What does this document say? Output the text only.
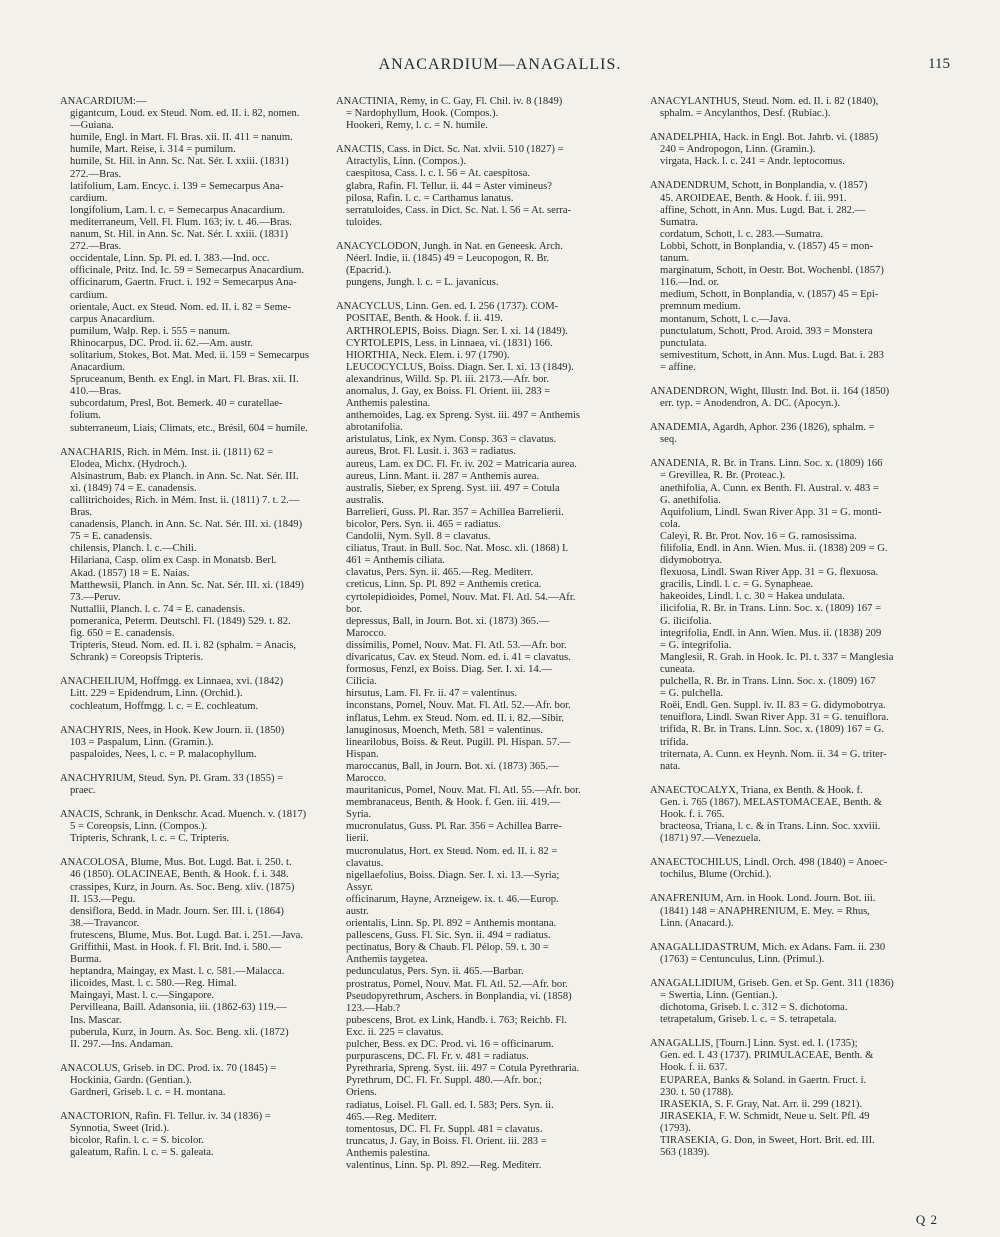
ANACARDIUM—ANAGALLIS.	115
ANACARDIUM:—
gigantcum, Loud. ex Steud. Nom. ed. II. i. 82, nomen.
—Guiana.
humile, Engl. in Mart. Fl. Bras. xii. II. 411 = nanum.
humile, Mart. Reise, i. 314 = pumilum.
humile, St. Hil. in Ann. Sc. Nat. Sér. I. xxiii. (1831)
272.—Bras.
latifolium, Lam. Encyc. i. 139 = Semecarpus Ana-
cardium.
longifolium, Lam. l. c. = Semecarpus Anacardium.
mediterraneum, Vell. Fl. Flum. 163; iv. t. 46.—Bras.
nanum, St. Hil. in Ann. Sc. Nat. Sér. I. xxiii. (1831)
272.—Bras.
occidentale, Linn. Sp. Pl. ed. I. 383.—Ind. occ.
officinale, Pritz. Ind. Ic. 59 = Semecarpus Anacardium.
officinarum, Gaertn. Fruct. i. 192 = Semecarpus Ana-
cardium.
orientale, Auct. ex Steud. Nom. ed. II. i. 82 = Seme-
carpus Anacardium.
pumilum, Walp. Rep. i. 555 = nanum.
Rhinocarpus, DC. Prod. ii. 62.—Am. austr.
solitarium, Stokes, Bot. Mat. Med. ii. 159 = Semecarpus
Anacardium.
Spruceanum, Benth. ex Engl. in Mart. Fl. Bras. xii. II.
410.—Bras.
subcordatum, Presl, Bot. Bemerk. 40 = curatellae-
folium.
subterraneum, Liais, Climats, etc., Brésil, 604 = humile.
ANACHARIS, Rich. in Mém. Inst. ii. (1811) 62 =
Elodea, Michx. (Hydroch.).
Alsinastrum, Bab. ex Planch. in Ann. Sc. Nat. Sér. III.
xi. (1849) 74 = E. canadensis.
callitrichoides, Rich. in Mém. Inst. ii. (1811) 7. t. 2.—
Bras.
canadensis, Planch. in Ann. Sc. Nat. Sér. III. xi. (1849)
75 = E. canadensis.
chilensis, Planch. l. c.—Chili.
Hilariana, Casp. olim ex Casp. in Monatsb. Berl.
Akad. (1857) 18 = E. Naias.
Matthewsii, Planch. in Ann. Sc. Nat. Sér. III. xi. (1849)
73.—Peruv.
Nuttallii, Planch. l. c. 74 = E. canadensis.
pomeranica, Peterm. Deutschl. Fl. (1849) 529. t. 82.
fig. 650 = E. canadensis.
Tripteris, Steud. Nom. ed. II. i. 82 (sphalm. = Anacis,
Schrank) = Coreopsis Tripteris.
ANACHEILIUM, Hoffmgg. ex Linnaea, xvi. (1842)
Litt. 229 = Epidendrum, Linn. (Orchid.).
cochleatum, Hoffmgg. l. c. = E. cochleatum.
ANACHYRIS, Nees, in Hook. Kew Journ. ii. (1850)
103 = Paspalum, Linn. (Gramin.).
paspaloides, Nees, l. c. = P. malacophyllum.
ANACHYRIUM, Steud. Syn. Pl. Gram. 33 (1855) =
praec.
ANACIS, Schrank, in Denkschr. Acad. Muench. v. (1817)
5 = Coreopsis, Linn. (Compos.).
Tripteris, Schrank, l. c. = C. Tripteris.
ANACOLOSA, Blume, Mus. Bot. Lugd. Bat. i. 250. t.
46 (1850). OLACINEAE, Benth. & Hook. f. i. 348.
crassipes, Kurz, in Journ. As. Soc. Beng. xliv. (1875)
II. 153.—Pegu.
densiflora, Bedd. in Madr. Journ. Ser. III. i. (1864)
38.—Travancor.
frutescens, Blume, Mus. Bot. Lugd. Bat. i. 251.—Java.
Griffithii, Mast. in Hook. f. Fl. Brit. Ind. i. 580.—
Burma.
heptandra, Maingay, ex Mast. l. c. 581.—Malacca.
ilicoides, Mast. l. c. 580.—Reg. Himal.
Maingayi, Mast. l. c.—Singapore.
Pervilleana, Baill. Adansonia, iii. (1862-63) 119.—
Ins. Mascar.
puberula, Kurz, in Journ. As. Soc. Beng. xli. (1872)
II. 297.—Ins. Andaman.
ANACOLUS, Griseb. in DC. Prod. ix. 70 (1845) =
Hockinia, Gardn. (Gentian.).
Gardneri, Griseb. l. c. = H. montana.
ANACTORION, Rafin. Fl. Tellur. iv. 34 (1836) =
Synnotia, Sweet (Irid.).
bicolor, Rafin. l. c. = S. bicolor.
galeatum, Rafin. l. c. = S. galeata.
ANACTINIA, Remy, in C. Gay, Fl. Chil. iv. 8 (1849)
= Nardophyllum, Hook. (Compos.).
Hookeri, Remy, l. c. = N. humile.
ANACTIS, Cass. in Dict. Sc. Nat. xlvii. 510 (1827) =
Atractylis, Linn. (Compos.).
caespitosa, Cass. l. c. l. 56 = At. caespitosa.
glabra, Rafin. Fl. Tellur. ii. 44 = Aster vimineus?
pilosa, Rafin. l. c. = Carthamus lanatus.
serratuloides, Cass. in Dict. Sc. Nat. l. 56 = At. serra-
tuloides.
ANACYCLODON, Jungh. in Nat. en Geneesk. Arch.
Néerl. Indie, ii. (1845) 49 = Leucopogon, R. Br.
(Epacrid.).
pungens, Jungh. l. c. = L. javanicus.
ANACYCLUS, Linn. Gen. ed. I. 256 (1737). COM-
POSITAE, Benth. & Hook. f. ii. 419.
ARTHROLEPIS, Boiss. Diagn. Ser. I. xi. 14 (1849).
CYRTOLEPIS, Less. in Linnaea, vi. (1831) 166.
HIORTHIA, Neck. Elem. i. 97 (1790).
LEUCOCYCLUS, Boiss. Diagn. Ser. I. xi. 13 (1849).
alexandrinus, Willd. Sp. Pl. iii. 2173.—Afr. bor.
anomalus, J. Gay, ex Boiss. Fl. Orient. iii. 283 =
Anthemis palestina.
anthemoides, Lag. ex Spreng. Syst. iii. 497 = Anthemis
abrotanifolia.
aristulatus, Link, ex Nym. Consp. 363 = clavatus.
aureus, Brot. Fl. Lusit. i. 363 = radiatus.
aureus, Lam. ex DC. Fl. Fr. iv. 202 = Matricaria aurea.
aureus, Linn. Mant. ii. 287 = Anthemis aurea.
australis, Sieber, ex Spreng. Syst. iii. 497 = Cotula
australis.
Barrelieri, Guss. Pl. Rar. 357 = Achillea Barrelierii.
bicolor, Pers. Syn. ii. 465 = radiatus.
Candolii, Nym. Syll. 8 = clavatus.
ciliatus, Traut. in Bull. Soc. Nat. Mosc. xli. (1868) I.
461 = Anthemis ciliata.
clavatus, Pers. Syn. ii. 465.—Reg. Mediterr.
creticus, Linn. Sp. Pl. 892 = Anthemis cretica.
cyrtolepidioides, Pomel, Nouv. Mat. Fl. Atl. 54.—Afr.
bor.
depressus, Ball, in Journ. Bot. xi. (1873) 365.—
Marocco.
dissimilis, Pomel, Nouv. Mat. Fl. Atl. 53.—Afr. bor.
divaricatus, Cav. ex Steud. Nom. ed. i. 41 = clavatus.
formosus, Fenzl, ex Boiss. Diag. Ser. I. xi. 14.—
Cilicia.
hirsutus, Lam. Fl. Fr. ii. 47 = valentinus.
inconstans, Pomel, Nouv. Mat. Fl. Atl. 52.—Afr. bor.
inflatus, Lehm. ex Steud. Nom. ed. II. i. 82.—Sibir.
lanuginosus, Moench, Meth. 581 = valentinus.
linearilobus, Boiss. & Reut. Pugill. Pl. Hispan. 57.—
Hispan.
maroccanus, Ball, in Journ. Bot. xi. (1873) 365.—
Marocco.
mauritanicus, Pomel, Nouv. Mat. Fl. Atl. 55.—Afr. bor.
membranaceus, Benth. & Hook. f. Gen. iii. 419.—
Syria.
mucronulatus, Guss. Pl. Rar. 356 = Achillea Barre-
lierii.
mucronulatus, Hort. ex Steud. Nom. ed. II. i. 82 =
clavatus.
nigellaefolius, Boiss. Diagn. Ser. I. xi. 13.—Syria;
Assyr.
officinarum, Hayne, Arzneigew. ix. t. 46.—Europ.
austr.
orientalis, Linn. Sp. Pl. 892 = Anthemis montana.
pallescens, Guss. Fl. Sic. Syn. ii. 494 = radiatus.
pectinatus, Bory & Chaub. Fl. Pélop. 59. t. 30 =
Anthemis taygetea.
pedunculatus, Pers. Syn. ii. 465.—Barbar.
prostratus, Pomel, Nouv. Mat. Fl. Atl. 52.—Afr. bor.
Pseudopyrethrum, Aschers. in Bonplandia, vi. (1858)
123.—Hab.?
pubescens, Brot. ex Link, Handb. i. 763; Reichb. Fl.
Exc. ii. 225 = clavatus.
pulcher, Bess. ex DC. Prod. vi. 16 = officinarum.
purpurascens, DC. Fl. Fr. v. 481 = radiatus.
Pyrethraria, Spreng. Syst. iii. 497 = Cotula Pyrethraria.
Pyrethrum, DC. Fl. Fr. Suppl. 480.—Afr. bor.;
Oriens.
radiatus, Loisel. Fl. Gall. ed. I. 583; Pers. Syn. ii.
465.—Reg. Mediterr.
tomentosus, DC. Fl. Fr. Suppl. 481 = clavatus.
truncatus, J. Gay, in Boiss. Fl. Orient. iii. 283 =
Anthemis palestina.
valentinus, Linn. Sp. Pl. 892.—Reg. Mediterr.
ANACYLANTHUS, Steud. Nom. ed. II. i. 82 (1840),
sphalm. = Ancylanthos, Desf. (Rubiac.).
ANADELPHIA, Hack. in Engl. Bot. Jahrb. vi. (1885)
240 = Andropogon, Linn. (Gramin.).
virgata, Hack. l. c. 241 = Andr. leptocomus.
ANADENDRUM, Schott, in Bonplandia, v. (1857)
45. AROIDEAE, Benth. & Hook. f. iii. 991.
affine, Schott, in Ann. Mus. Lugd. Bat. i. 282.—
Sumatra.
cordatum, Schott, l. c. 283.—Sumatra.
Lobbi, Schott, in Bonplandia, v. (1857) 45 = mon-
tanum.
marginatum, Schott, in Oestr. Bot. Wochenbl. (1857)
116.—Ind. or.
medium, Schott, in Bonplandia, v. (1857) 45 = Epi-
premnum medium.
montanum, Schott, l. c.—Java.
punctulatum, Schott, Prod. Aroid. 393 = Monstera
punctulata.
semivestitum, Schott, in Ann. Mus. Lugd. Bat. i. 283
= affine.
ANADENDRON, Wight, Illustr. Ind. Bot. ii. 164 (1850)
err. typ. = Anodendron, A. DC. (Apocyn.).
ANADEMIA, Agardh, Aphor. 236 (1826), sphalm. =
seq.
ANADENIA, R. Br. in Trans. Linn. Soc. x. (1809) 166
= Grevillea, R. Br. (Proteac.).
anethifolia, A. Cunn. ex Benth. Fl. Austral. v. 483 =
G. anethifolia.
Aquifolium, Lindl. Swan River App. 31 = G. monti-
cola.
Caleyi, R. Br. Prot. Nov. 16 = G. ramosissima.
filifolia, Endl. in Ann. Wien. Mus. ii. (1838) 209 = G.
didymobotrya.
flexuosa, Lindl. Swan River App. 31 = G. flexuosa.
gracilis, Lindl. l. c. = G. Synapheae.
hakeoides, Lindl. l. c. 30 = Hakea undulata.
ilicifolia, R. Br. in Trans. Linn. Soc. x. (1809) 167 =
G. ilicifolia.
integrifolia, Endl. in Ann. Wien. Mus. ii. (1838) 209
= G. integrifolia.
Manglesii, R. Grah. in Hook. Ic. Pl. t. 337 = Manglesia
cuneata.
pulchella, R. Br. in Trans. Linn. Soc. x. (1809) 167
= G. pulchella.
Roëi, Endl. Gen. Suppl. iv. II. 83 = G. didymobotrya.
tenuiflora, Lindl. Swan River App. 31 = G. tenuiflora.
trifida, R. Br. in Trans. Linn. Soc. x. (1809) 167 = G.
trifida.
triternata, A. Cunn. ex Heynh. Nom. ii. 34 = G. triter-
nata.
ANAECTOCALYX, Triana, ex Benth. & Hook. f.
Gen. i. 765 (1867). MELASTOMACEAE, Benth. &
Hook. f. i. 765.
bracteosa, Triana, l. c. & in Trans. Linn. Soc. xxviii.
(1871) 97.—Venezuela.
ANAECTOCHILUS, Lindl. Orch. 498 (1840) = Anoec-
tochilus, Blume (Orchid.).
ANAFRENIUM, Arn. in Hook. Lond. Journ. Bot. iii.
(1841) 148 = ANAPHRENIUM, E. Mey. = Rhus,
Linn. (Anacard.).
ANAGALLIDASTRUM, Mich. ex Adans. Fam. ii. 230
(1763) = Centunculus, Linn. (Primul.).
ANAGALLIDIUM, Griseb. Gen. et Sp. Gent. 311 (1836)
= Swertia, Linn. (Gentian.).
dichotoma, Griseb. l. c. 312 = S. dichotoma.
tetrapetalum, Griseb. l. c. = S. tetrapetala.
ANAGALLIS, [Tourn.] Linn. Syst. ed. I. (1735);
Gen. ed. I. 43 (1737). PRIMULACEAE, Benth. &
Hook. f. ii. 637.
EUPAREA, Banks & Soland. in Gaertn. Fruct. i.
230. t. 50 (1788).
IRASEKIA, S. F. Gray, Nat. Arr. ii. 299 (1821).
JIRASEKIA, F. W. Schmidt, Neue u. Selt. Pfl. 49
(1793).
TIRASEKIA, G. Don, in Sweet, Hort. Brit. ed. III.
563 (1839).
Q 2
